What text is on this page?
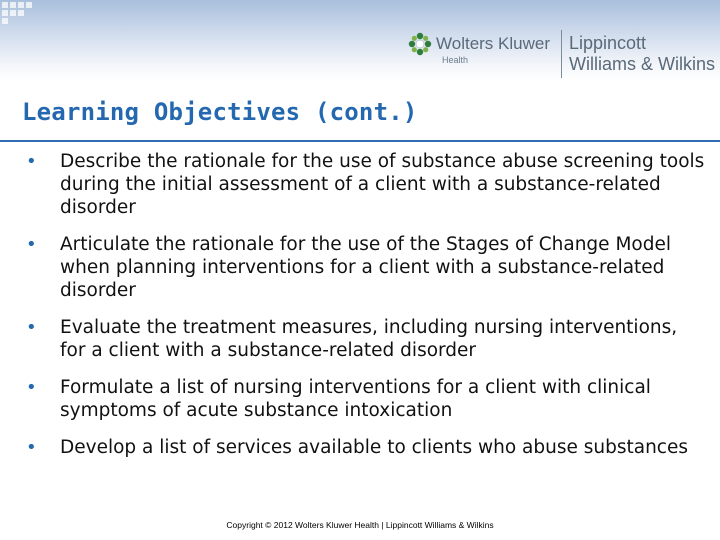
Wolters Kluwer
Health
Lippincott
Williams & Wilkins
Learning Objectives (cont.)
• Describe the rationale for the use of substance abuse screening tools during the initial assessment of a client with a substance-related disorder
• Articulate the rationale for the use of the Stages of Change Model when planning interventions for a client with a substance-related disorder
• Evaluate the treatment measures, including nursing interventions, for a client with a substance-related disorder
• Formulate a list of nursing interventions for a client with clinical symptoms of acute substance intoxication
• Develop a list of services available to clients who abuse substances
Copyright © 2012 Wolters Kluwer Health | Lippincott Williams & Wilkins
